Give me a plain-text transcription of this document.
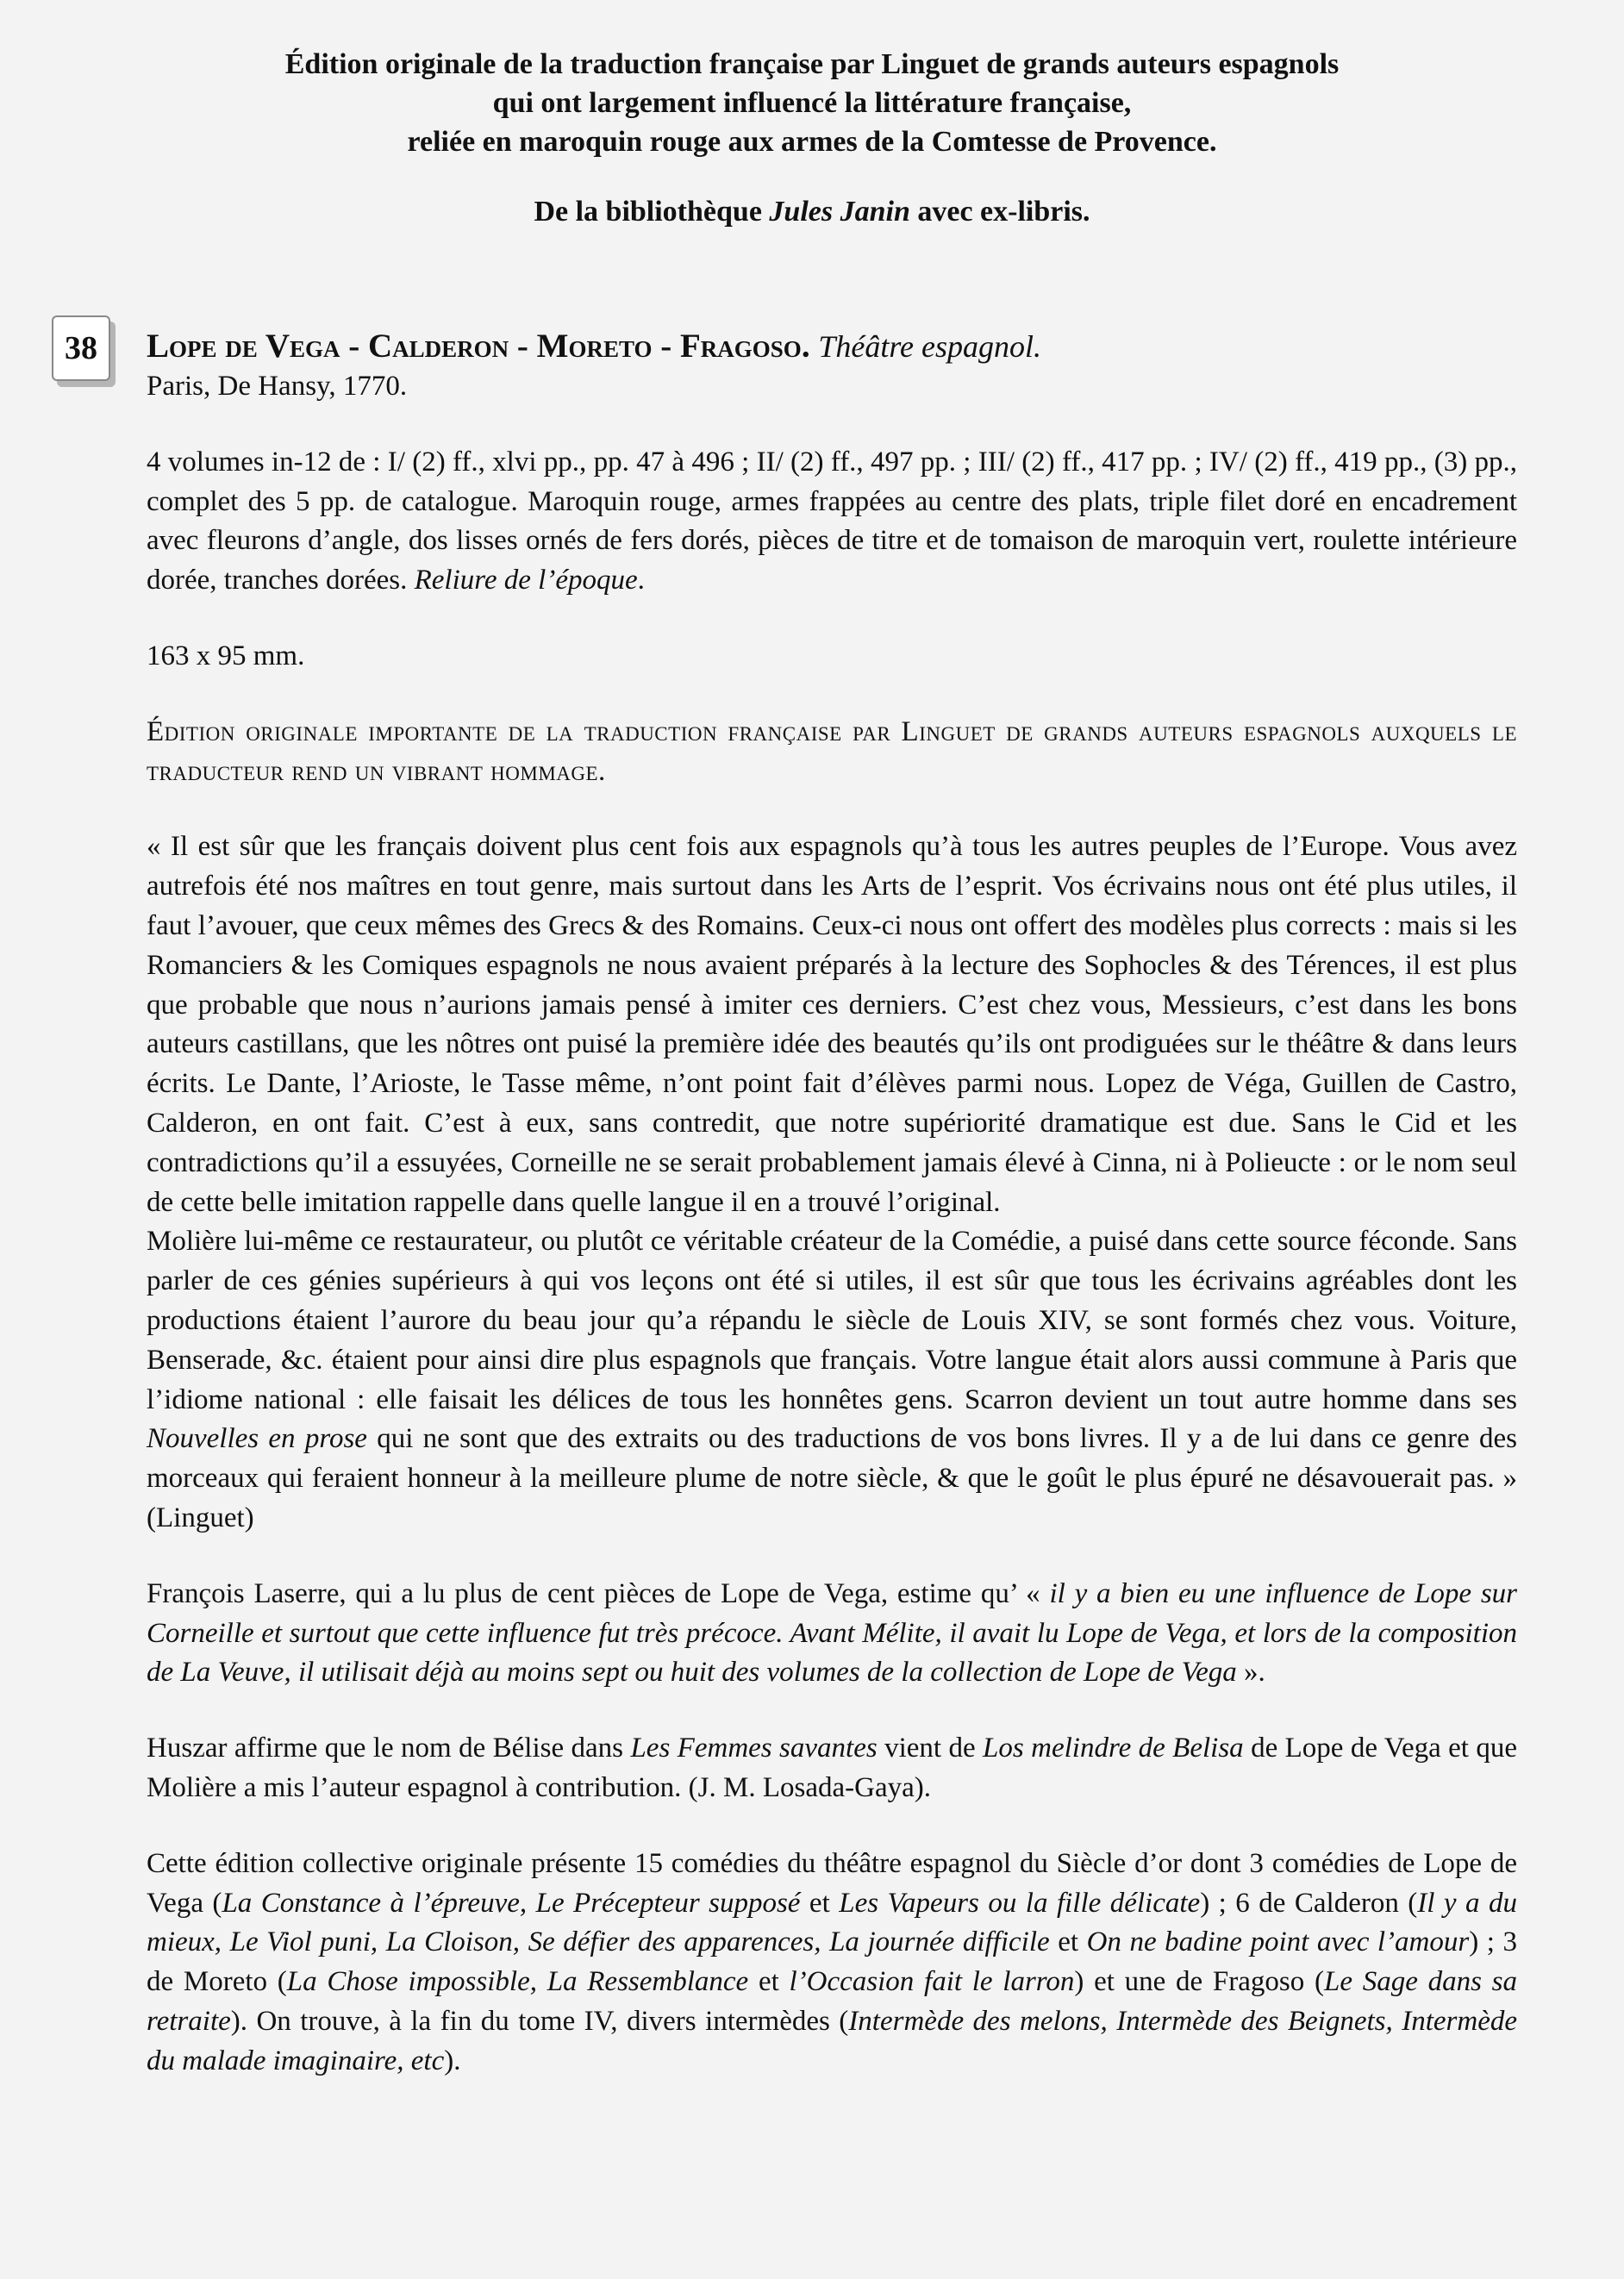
Édition originale de la traduction française par Linguet de grands auteurs espagnols
qui ont largement influencé la littérature française,
reliée en maroquin rouge aux armes de la Comtesse de Provence.
De la bibliothèque Jules Janin avec ex-libris.
38	Lope de Vega - Calderon - Moreto - Fragoso. Théâtre espagnol.

Paris, De Hansy, 1770.

4 volumes in-12 de : I/ (2) ff., xlvi pp., pp. 47 à 496 ; II/ (2) ff., 497 pp. ; III/ (2) ff., 417 pp. ; IV/ (2) ff., 419 pp., (3) pp., complet des 5 pp. de catalogue. Maroquin rouge, armes frappées au centre des plats, triple filet doré en encadrement avec fleurons d’angle, dos lisses ornés de fers dorés, pièces de titre et de tomaison de maroquin vert, roulette intérieure dorée, tranches dorées. Reliure de l’époque.

163 x 95 mm.

Édition originale importante de la traduction française par Linguet de grands auteurs espagnols auxquels le traducteur rend un vibrant hommage.

« Il est sûr que les français doivent plus cent fois aux espagnols qu’à tous les autres peuples de l’Europe. Vous avez autrefois été nos maîtres en tout genre, mais surtout dans les Arts de l’esprit. Vos écrivains nous ont été plus utiles, il faut l’avouer, que ceux mêmes des Grecs & des Romains. Ceux-ci nous ont offert des modèles plus corrects : mais si les Romanciers & les Comiques espagnols ne nous avaient préparés à la lecture des Sophocles & des Térences, il est plus que probable que nous n’aurions jamais pensé à imiter ces derniers. C’est chez vous, Messieurs, c’est dans les bons auteurs castillans, que les nôtres ont puisé la première idée des beautés qu’ils ont prodiguées sur le théâtre & dans leurs écrits. Le Dante, l’Arioste, le Tasse même, n’ont point fait d’élèves parmi nous. Lopez de Véga, Guillen de Castro, Calderon, en ont fait. C’est à eux, sans contredit, que notre supériorité dramatique est due. Sans le Cid et les contradictions qu’il a essuyées, Corneille ne se serait probablement jamais élevé à Cinna, ni à Polieucte : or le nom seul de cette belle imitation rappelle dans quelle langue il en a trouvé l’original.

Molière lui-même ce restaurateur, ou plutôt ce véritable créateur de la Comédie, a puisé dans cette source féconde. Sans parler de ces génies supérieurs à qui vos leçons ont été si utiles, il est sûr que tous les écrivains agréables dont les productions étaient l’aurore du beau jour qu’a répandu le siècle de Louis XIV, se sont formés chez vous. Voiture, Benserade, &c. étaient pour ainsi dire plus espagnols que français. Votre langue était alors aussi commune à Paris que l’idiome national : elle faisait les délices de tous les honnêtes gens. Scarron devient un tout autre homme dans ses Nouvelles en prose qui ne sont que des extraits ou des traductions de vos bons livres. Il y a de lui dans ce genre des morceaux qui feraient honneur à la meilleure plume de notre siècle, & que le goût le plus épuré ne désavouerait pas. » (Linguet)

François Laserre, qui a lu plus de cent pièces de Lope de Vega, estime qu’ « il y a bien eu une influence de Lope sur Corneille et surtout que cette influence fut très précoce. Avant Mélite, il avait lu Lope de Vega, et lors de la composition de La Veuve, il utilisait déjà au moins sept ou huit des volumes de la collection de Lope de Vega ».

Huszar affirme que le nom de Bélise dans Les Femmes savantes vient de Los melindre de Belisa de Lope de Vega et que Molière a mis l’auteur espagnol à contribution. (J. M. Losada-Gaya).

Cette édition collective originale présente 15 comédies du théâtre espagnol du Siècle d’or dont 3 comédies de Lope de Vega (La Constance à l’épreuve, Le Précepteur supposé et Les Vapeurs ou la fille délicate) ; 6 de Calderon (Il y a du mieux, Le Viol puni, La Cloison, Se défier des apparences, La journée difficile et On ne badine point avec l’amour) ; 3 de Moreto (La Chose impossible, La Ressemblance et l’Occasion fait le larron) et une de Fragoso (Le Sage dans sa retraite). On trouve, à la fin du tome IV, divers intermèdes (Intermède des melons, Intermède des Beignets, Intermède du malade imaginaire, etc).
